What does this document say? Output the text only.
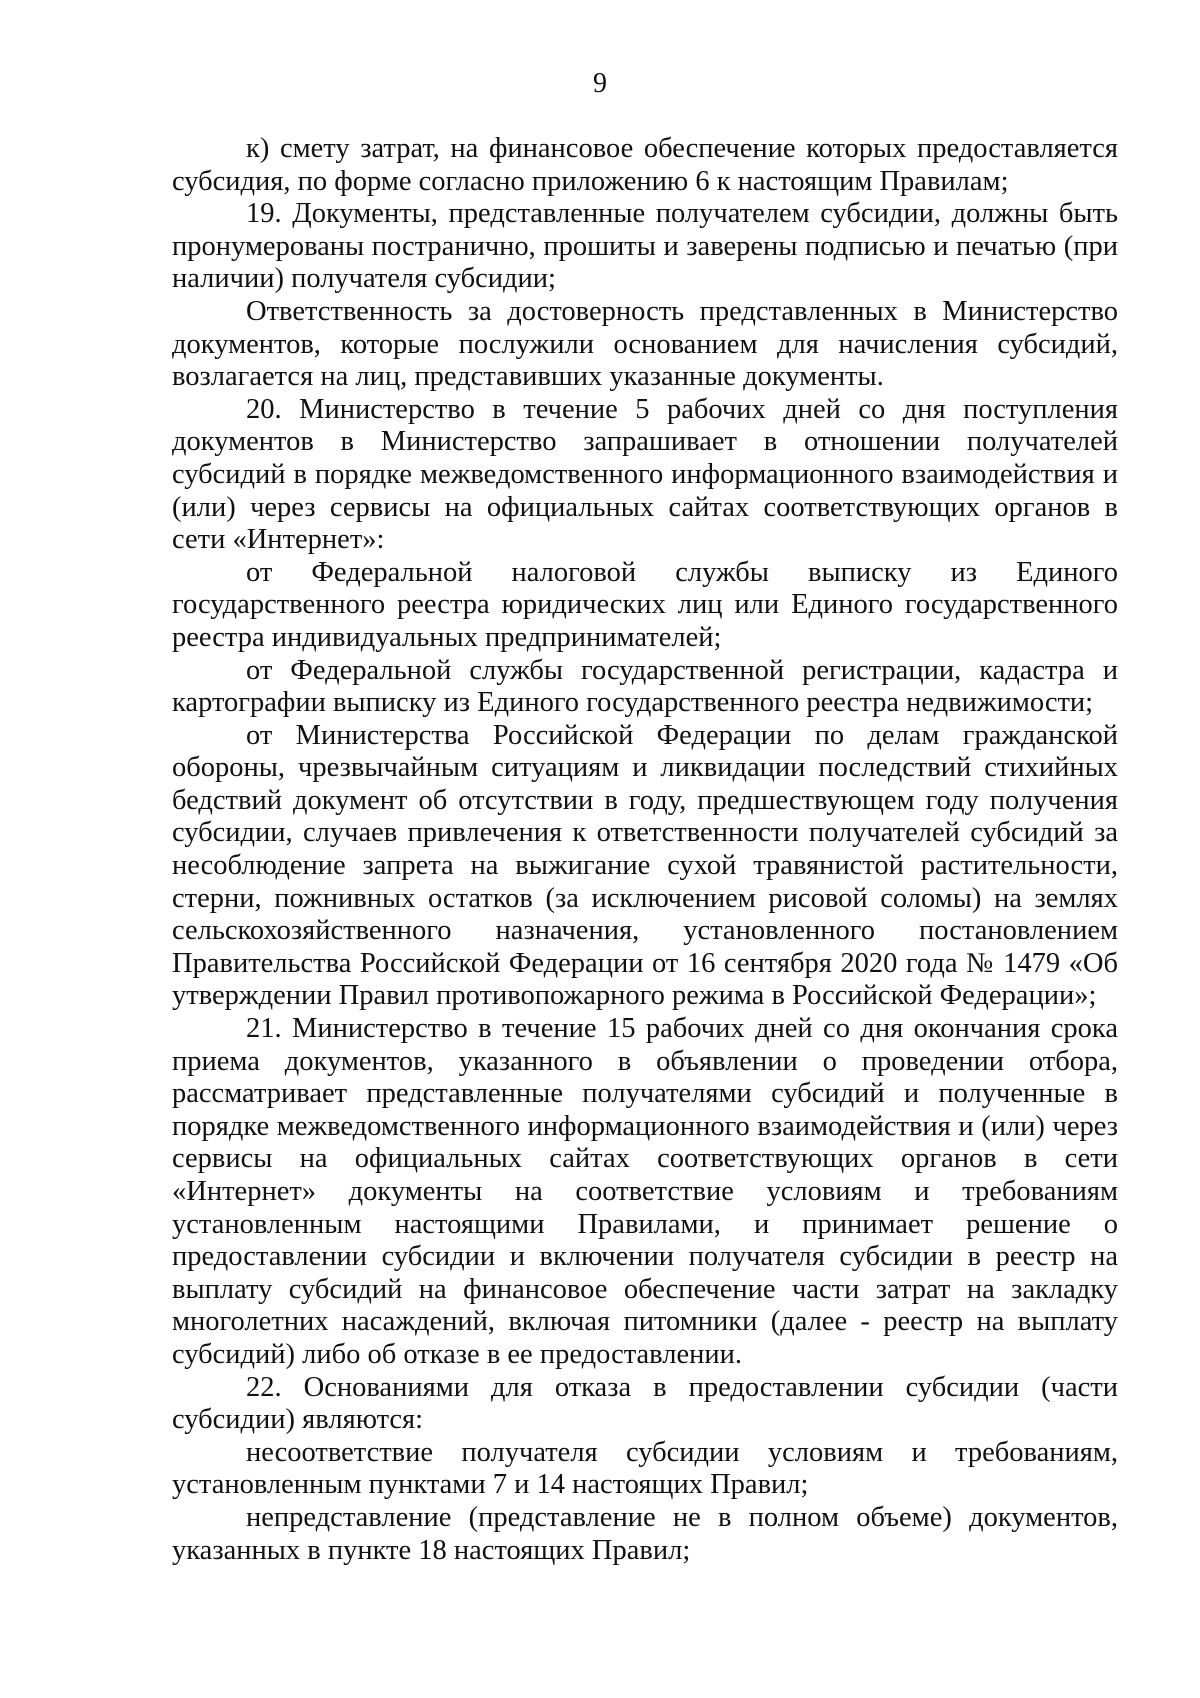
9

к) смету затрат, на финансовое обеспечение которых предоставляется субсидия, по форме согласно приложению 6 к настоящим Правилам;

19. Документы, представленные получателем субсидии, должны быть пронумерованы постранично, прошиты и заверены подписью и печатью (при наличии) получателя субсидии;

Ответственность за достоверность представленных в Министерство документов, которые послужили основанием для начисления субсидий, возлагается на лиц, представивших указанные документы.

20. Министерство в течение 5 рабочих дней со дня поступления документов в Министерство запрашивает в отношении получателей субсидий в порядке межведомственного информационного взаимодействия и (или) через сервисы на официальных сайтах соответствующих органов в сети «Интернет»:

от Федеральной налоговой службы выписку из Единого государственного реестра юридических лиц или Единого государственного реестра индивидуальных предпринимателей;

от Федеральной службы государственной регистрации, кадастра и картографии выписку из Единого государственного реестра недвижимости;

от Министерства Российской Федерации по делам гражданской обороны, чрезвычайным ситуациям и ликвидации последствий стихийных бедствий документ об отсутствии в году, предшествующем году получения субсидии, случаев привлечения к ответственности получателей субсидий за несоблюдение запрета на выжигание сухой травянистой растительности, стерни, пожнивных остатков (за исключением рисовой соломы) на землях сельскохозяйственного назначения, установленного постановлением Правительства Российской Федерации от 16 сентября 2020 года № 1479 «Об утверждении Правил противопожарного режима в Российской Федерации»;

21. Министерство в течение 15 рабочих дней со дня окончания срока приема документов, указанного в объявлении о проведении отбора, рассматривает представленные получателями субсидий и полученные в порядке межведомственного информационного взаимодействия и (или) через сервисы на официальных сайтах соответствующих органов в сети «Интернет» документы на соответствие условиям и требованиям установленным настоящими Правилами, и принимает решение о предоставлении субсидии и включении получателя субсидии в реестр на выплату субсидий на финансовое обеспечение части затрат на закладку многолетних насаждений, включая питомники (далее - реестр на выплату субсидий) либо об отказе в ее предоставлении.

22. Основаниями для отказа в предоставлении субсидии (части субсидии) являются:

несоответствие получателя субсидии условиям и требованиям, установленным пунктами 7 и 14 настоящих Правил;

непредставление (представление не в полном объеме) документов, указанных в пункте 18 настоящих Правил;
